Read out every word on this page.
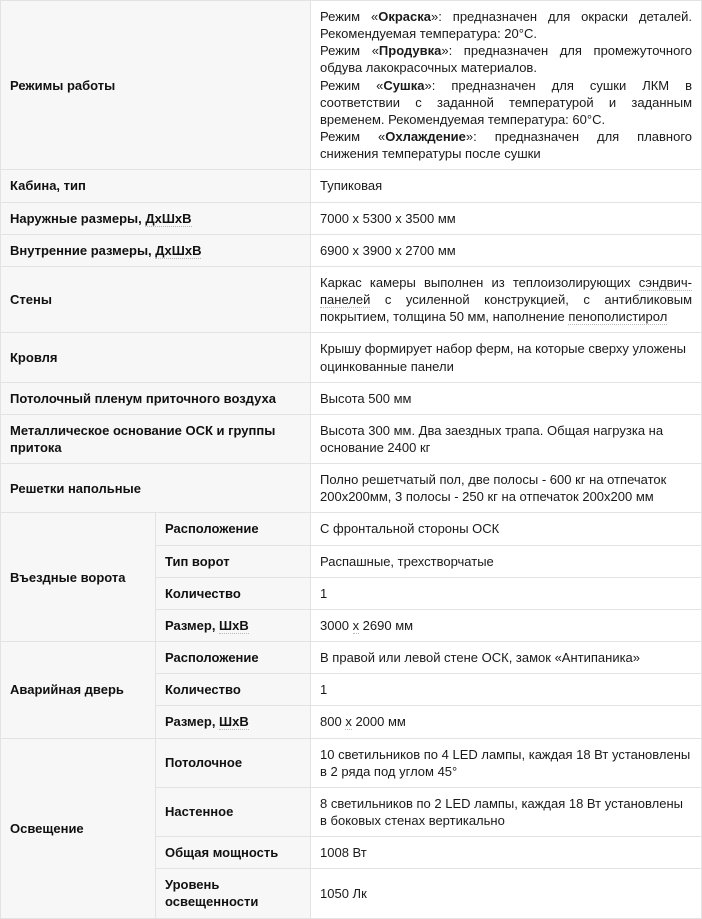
Режимы работы		Режим «Окраска»: предназначен для окраски деталей. Рекомендуемая температура: 20°С.

Режим «Продувка»: предназначен для промежуточного обдува лакокрасочных материалов.

Режим «Сушка»: предназначен для сушки ЛКМ в соответствии с заданной температурой и заданным временем. Рекомендуемая температура: 60°С.

Режим «Охлаждение»: предназначен для плавного снижения температуры после сушки

Кабина, тип		Тупиковая
Наружные размеры, ДхШхВ		7000 х 5300 х 3500 мм
Внутренние размеры, ДхШхВ		6900 х 3900 х 2700 мм
Стены		Каркас камеры выполнен из теплоизолирующих сэндвич-панелей с усиленной конструкцией, с антибликовым покрытием, толщина 50 мм, наполнение пенополистирол
Кровля		Крышу формирует набор ферм, на которые сверху уложены оцинкованные панели
Потолочный пленум приточного воздуха		Высота 500 мм
Металлическое основание ОСК и группы притока		Высота 300 мм. Два заездных трапа. Общая нагрузка на основание 2400 кг
Решетки напольные		Полно решетчатый пол, две полосы - 600 кг на отпечаток 200х200мм, 3 полосы - 250 кг на отпечаток 200х200 мм
Въездные ворота	Расположение	С фронтальной стороны ОСК
	Тип ворот	Распашные, трехстворчатые
	Количество	1
	Размер, ШхВ	3000 х 2690 мм
Аварийная дверь	Расположение	В правой или левой стене ОСК, замок «Антипаника»
	Количество	1
	Размер, ШхВ	800 х 2000 мм
Освещение	Потолочное	10 светильников по 4 LED лампы, каждая 18 Вт установлены в 2 ряда под углом 45°
	Настенное	8 светильников по 2 LED лампы, каждая 18 Вт установлены в боковых стенах вертикально
	Общая мощность	1008 Вт
	Уровень освещенности	1050 Лк
